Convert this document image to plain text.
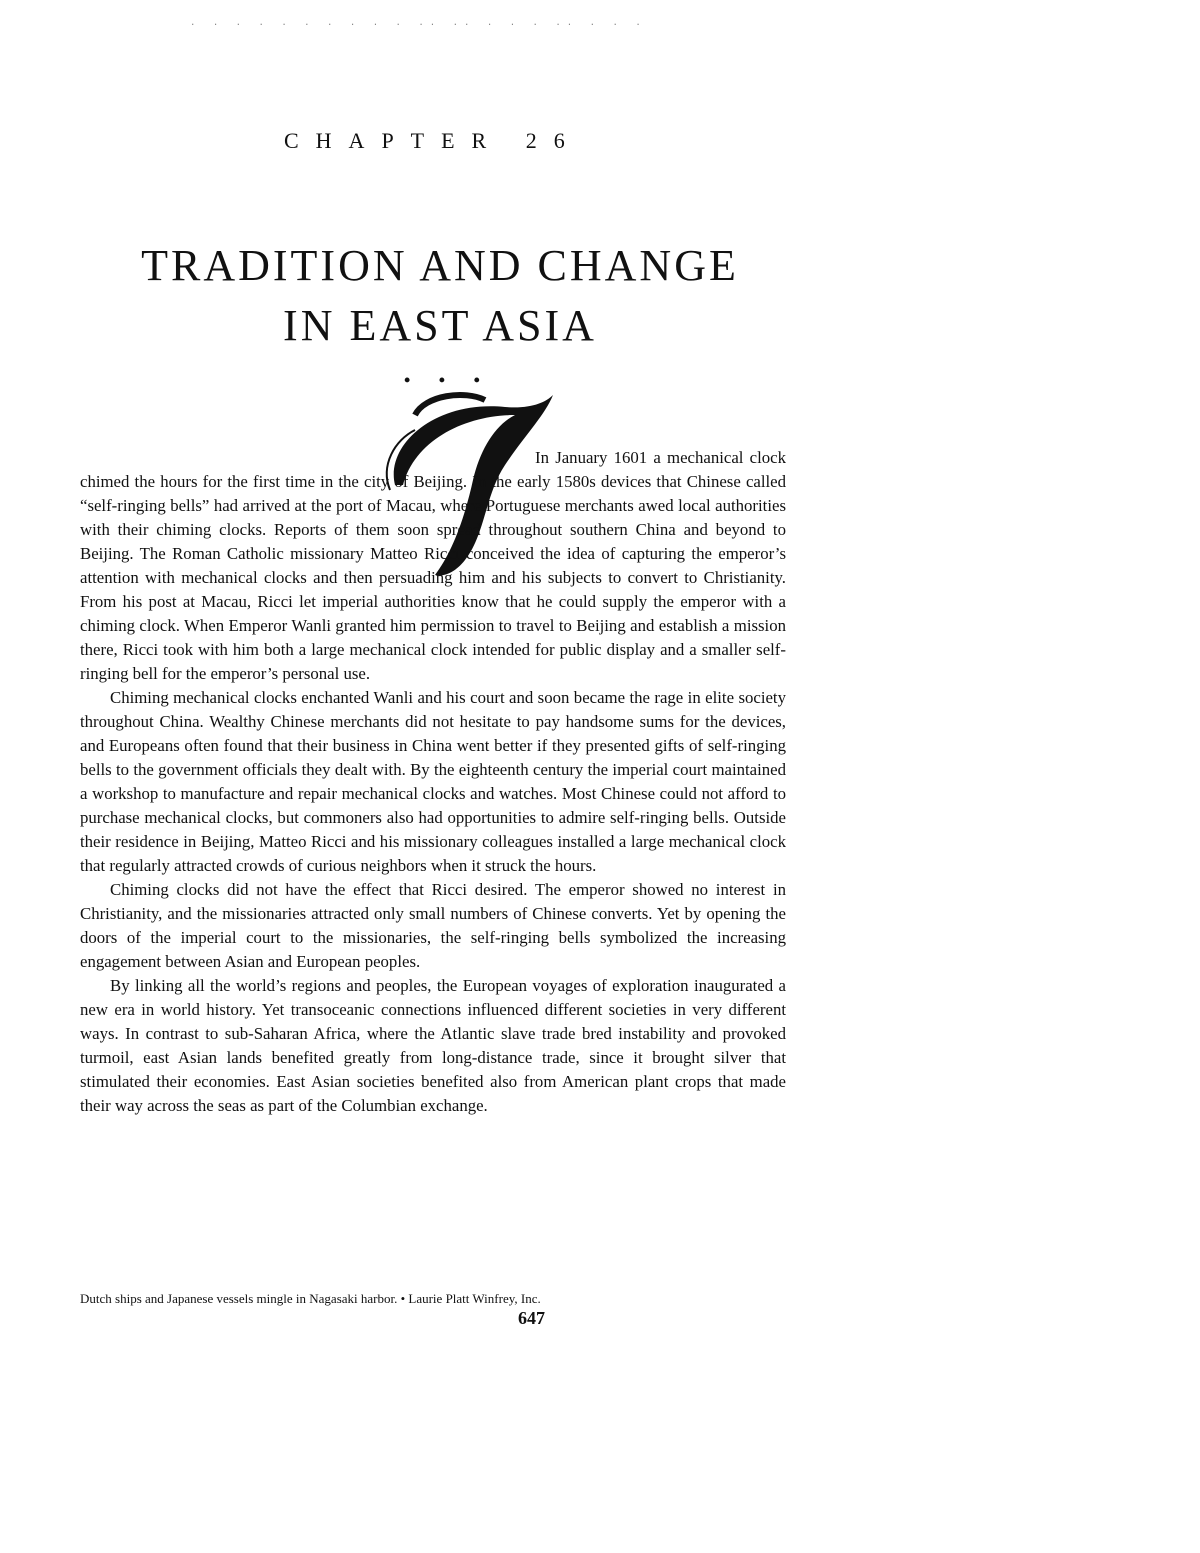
. . . . . . . . . . .. .. . . . .. . . .
CHAPTER 26
TRADITION AND CHANGE
IN EAST ASIA
• • •

In January 1601 a mechanical clock chimed the hours for the first time in the city of Beijing. In the early 1580s devices that Chinese called “self-ringing bells” had arrived at the port of Macau, where Portuguese merchants awed local authorities with their chiming clocks. Reports of them soon spread throughout southern China and beyond to Beijing. The Roman Catholic missionary Matteo Ricci conceived the idea of capturing the emperor’s attention with mechanical clocks and then persuading him and his subjects to convert to Christianity. From his post at Macau, Ricci let imperial authorities know that he could supply the emperor with a chiming clock. When Emperor Wanli granted him permission to travel to Beijing and establish a mission there, Ricci took with him both a large mechanical clock intended for public display and a smaller self-ringing bell for the emperor’s personal use.

Chiming mechanical clocks enchanted Wanli and his court and soon became the rage in elite society throughout China. Wealthy Chinese merchants did not hesitate to pay handsome sums for the devices, and Europeans often found that their business in China went better if they presented gifts of self-ringing bells to the government officials they dealt with. By the eighteenth century the imperial court maintained a workshop to manufacture and repair mechanical clocks and watches. Most Chinese could not afford to purchase mechanical clocks, but commoners also had opportunities to admire self-ringing bells. Outside their residence in Beijing, Matteo Ricci and his missionary colleagues installed a large mechanical clock that regularly attracted crowds of curious neighbors when it struck the hours.

Chiming clocks did not have the effect that Ricci desired. The emperor showed no interest in Christianity, and the missionaries attracted only small numbers of Chinese converts. Yet by opening the doors of the imperial court to the missionaries, the self-ringing bells symbolized the increasing engagement between Asian and European peoples.

By linking all the world’s regions and peoples, the European voyages of exploration inaugurated a new era in world history. Yet transoceanic connections influenced different societies in very different ways. In contrast to sub-Saharan Africa, where the Atlantic slave trade bred instability and provoked turmoil, east Asian lands benefited greatly from long-distance trade, since it brought silver that stimulated their economies. East Asian societies benefited also from American plant crops that made their way across the seas as part of the Columbian exchange.

Dutch ships and Japanese vessels mingle in Nagasaki harbor. • Laurie Platt Winfrey, Inc.
647
